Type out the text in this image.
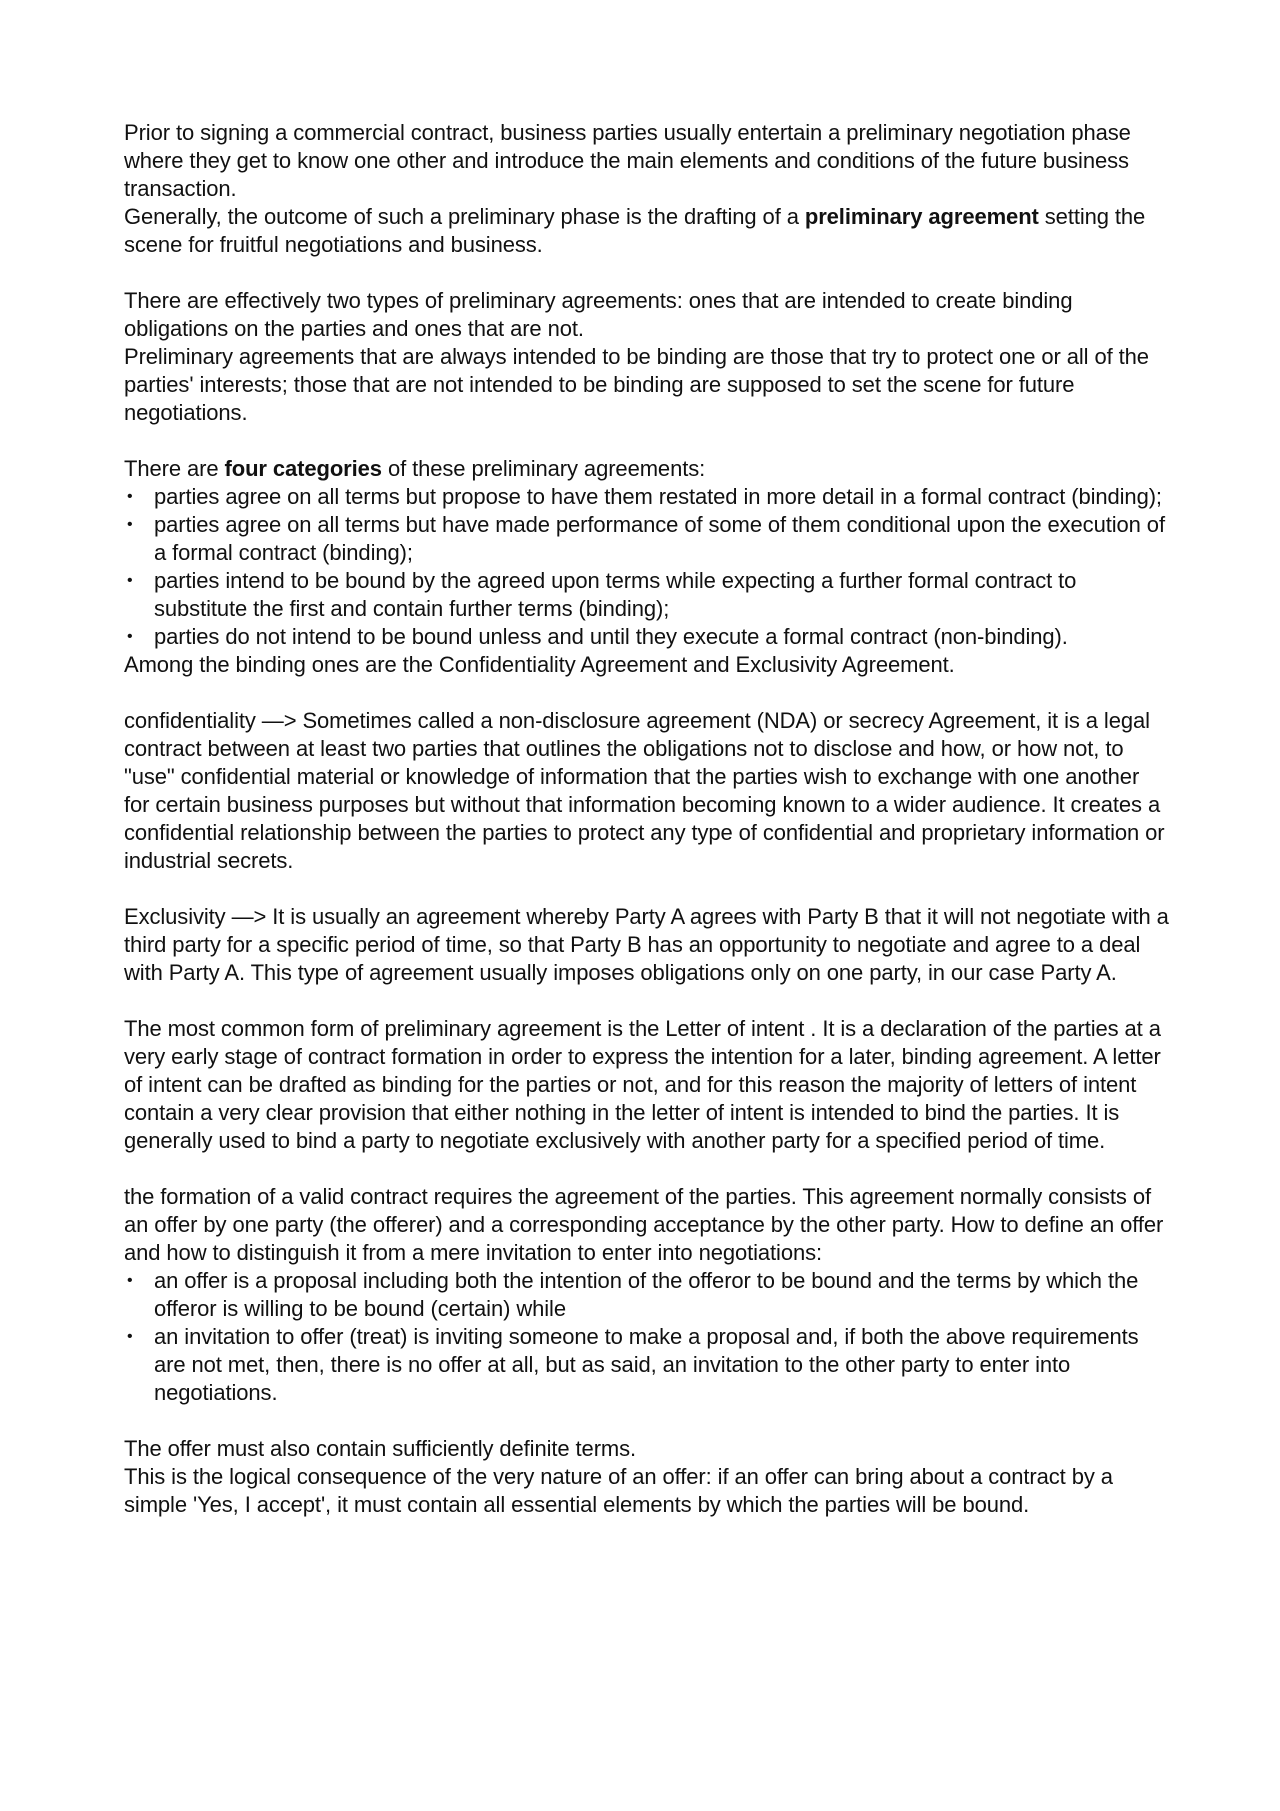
Prior to signing a commercial contract, business parties usually entertain a preliminary negotiation phase where they get to know one other and introduce the main elements and conditions of the future business transaction.

Generally, the outcome of such a preliminary phase is the drafting of a preliminary agreement setting the scene for fruitful negotiations and business.

There are effectively two types of preliminary agreements: ones that are intended to create binding obligations on the parties and ones that are not.

Preliminary agreements that are always intended to be binding are those that try to protect one or all of the parties' interests; those that are not intended to be binding are supposed to set the scene for future negotiations.

There are four categories of these preliminary agreements:

• parties agree on all terms but propose to have them restated in more detail in a formal contract (binding);
• parties agree on all terms but have made performance of some of them conditional upon the execution of a formal contract (binding);
• parties intend to be bound by the agreed upon terms while expecting a further formal contract to substitute the first and contain further terms (binding);
• parties do not intend to be bound unless and until they execute a formal contract (non-binding).

Among the binding ones are the Confidentiality Agreement and Exclusivity Agreement.

confidentiality —> Sometimes called a non-disclosure agreement (NDA) or secrecy Agreement, it is a legal contract between at least two parties that outlines the obligations not to disclose and how, or how not, to "use" confidential material or knowledge of information that the parties wish to exchange with one another for certain business purposes but without that information becoming known to a wider audience. It creates a confidential relationship between the parties to protect any type of confidential and proprietary information or industrial secrets.

Exclusivity —> It is usually an agreement whereby Party A agrees with Party B that it will not negotiate with a third party for a specific period of time, so that Party B has an opportunity to negotiate and agree to a deal with Party A. This type of agreement usually imposes obligations only on one party, in our case Party A.

The most common form of preliminary agreement is the Letter of intent . It is a declaration of the parties at a very early stage of contract formation in order to express the intention for a later, binding agreement. A letter of intent can be drafted as binding for the parties or not, and for this reason the majority of letters of intent contain a very clear provision that either nothing in the letter of intent is intended to bind the parties. It is generally used to bind a party to negotiate exclusively with another party for a specified period of time.

the formation of a valid contract requires the agreement of the parties. This agreement normally consists of an offer by one party (the offerer) and a corresponding acceptance by the other party. How to define an offer and how to distinguish it from a mere invitation to enter into negotiations:

• an offer is a proposal including both the intention of the offeror to be bound and the terms by which the offeror is willing to be bound (certain) while
• an invitation to offer (treat) is inviting someone to make a proposal and, if both the above requirements are not met, then, there is no offer at all, but as said, an invitation to the other party to enter into negotiations.

The offer must also contain sufficiently definite terms.

This is the logical consequence of the very nature of an offer: if an offer can bring about a contract by a simple 'Yes, I accept', it must contain all essential elements by which the parties will be bound.
